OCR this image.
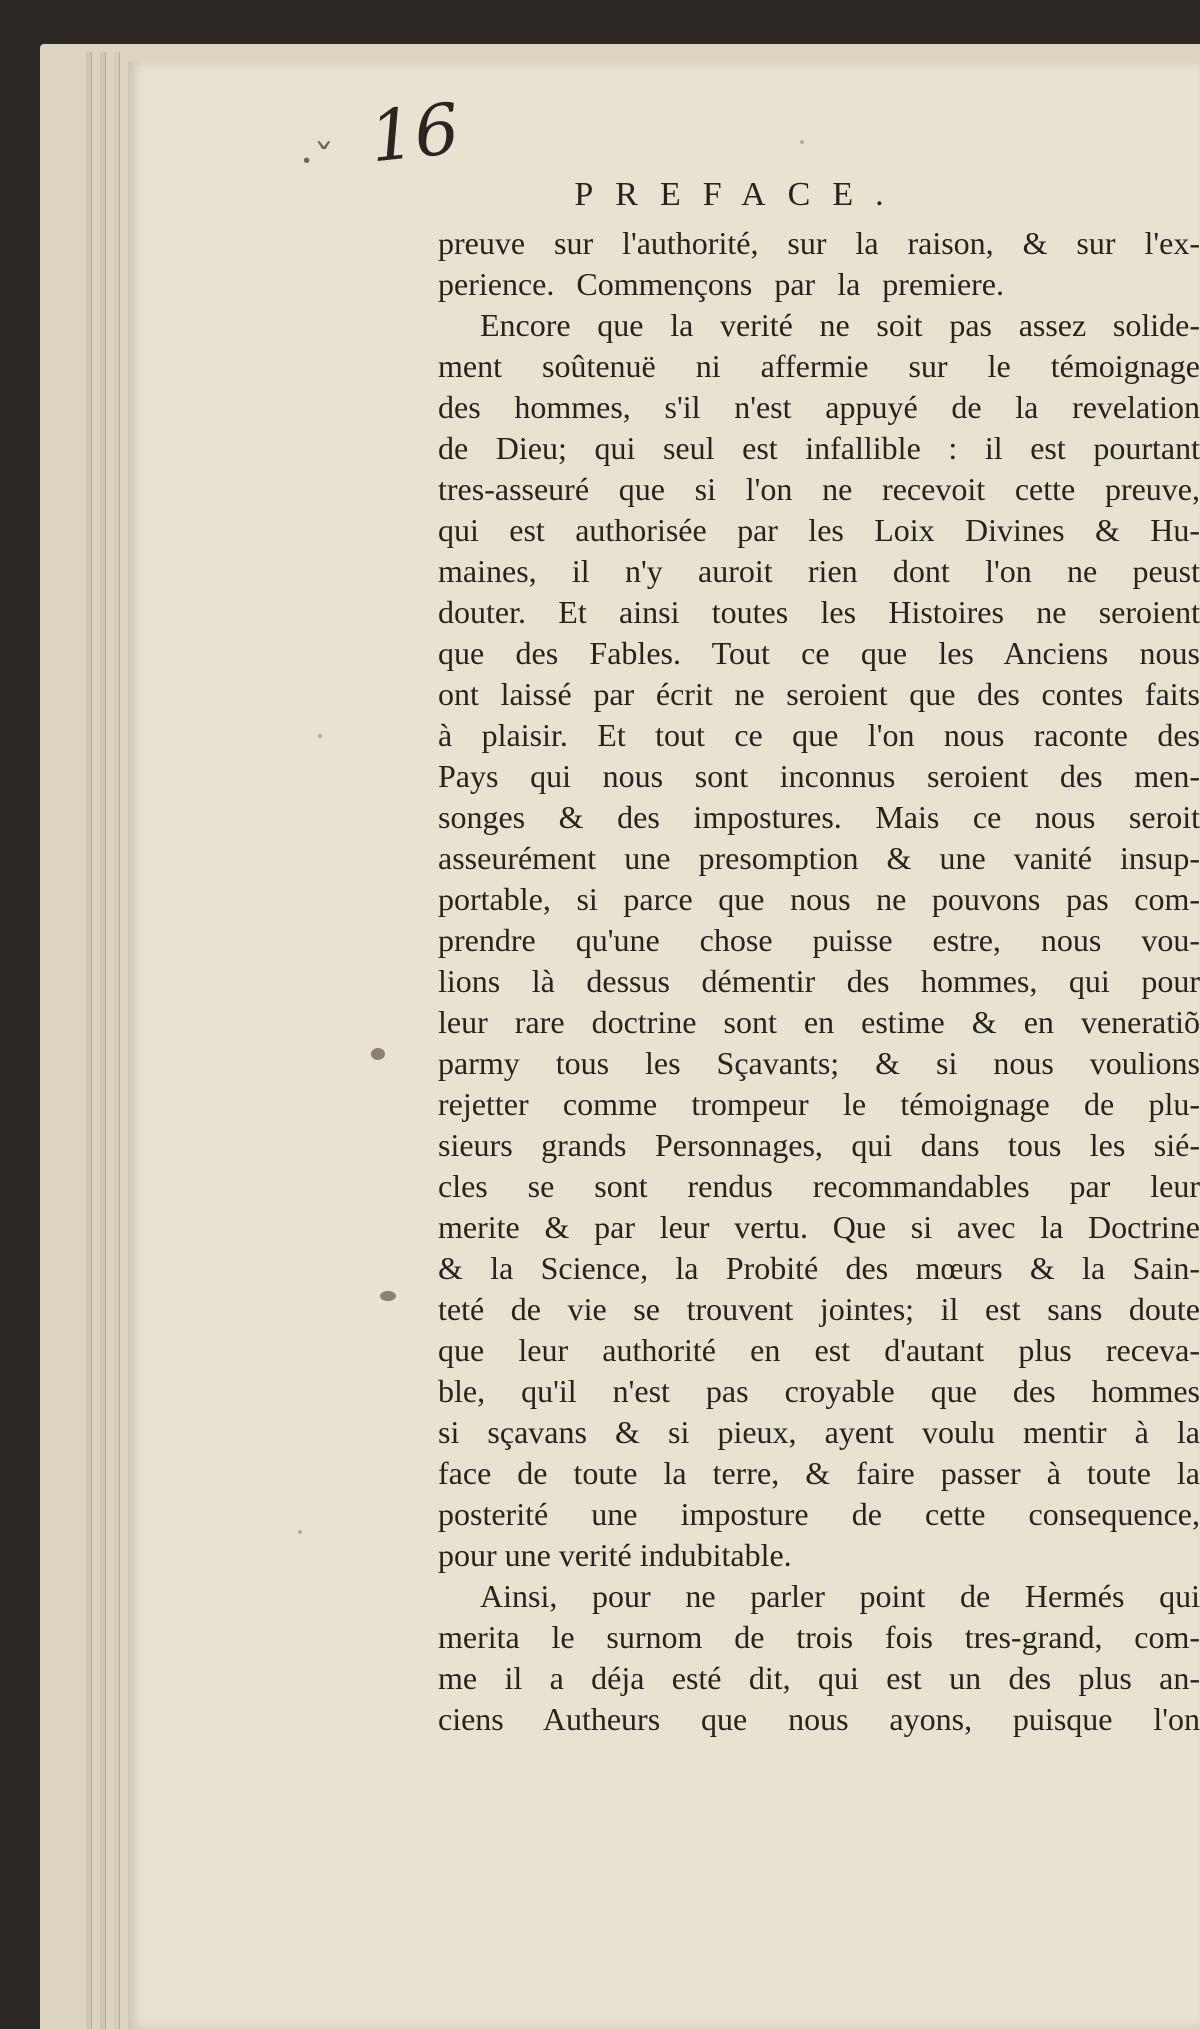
·ˇ 16
PREFACE.
preuve sur l'authorité, sur la raison, & sur l'ex-
perience. Commençons par la premiere.
Encore que la verité ne soit pas assez solide-
ment soûtenuë ni affermie sur le témoignage
des hommes, s'il n'est appuyé de la revelation
de Dieu; qui seul est infallible : il est pourtant
tres-asseuré que si l'on ne recevoit cette preuve,
qui est authorisée par les Loix Divines & Hu-
maines, il n'y auroit rien dont l'on ne peust
douter. Et ainsi toutes les Histoires ne seroient
que des Fables. Tout ce que les Anciens nous
ont laissé par écrit ne seroient que des contes faits
à plaisir. Et tout ce que l'on nous raconte des
Pays qui nous sont inconnus seroient des men-
songes & des impostures. Mais ce nous seroit
asseurément une presomption & une vanité insup-
portable, si parce que nous ne pouvons pas com-
prendre qu'une chose puisse estre, nous vou-
lions là dessus démentir des hommes, qui pour
leur rare doctrine sont en estime & en veneratiõ
parmy tous les Sçavants; & si nous voulions
rejetter comme trompeur le témoignage de plu-
sieurs grands Personnages, qui dans tous les sié-
cles se sont rendus recommandables par leur
merite & par leur vertu. Que si avec la Doctrine
& la Science, la Probité des mœurs & la Sain-
teté de vie se trouvent jointes; il est sans doute
que leur authorité en est d'autant plus receva-
ble, qu'il n'est pas croyable que des hommes
si sçavans & si pieux, ayent voulu mentir à la
face de toute la terre, & faire passer à toute la
posterité une imposture de cette consequence,
pour une verité indubitable.
Ainsi, pour ne parler point de Hermés qui
merita le surnom de trois fois tres-grand, com-
me il a déja esté dit, qui est un des plus an-
ciens Autheurs que nous ayons, puisque l'on
